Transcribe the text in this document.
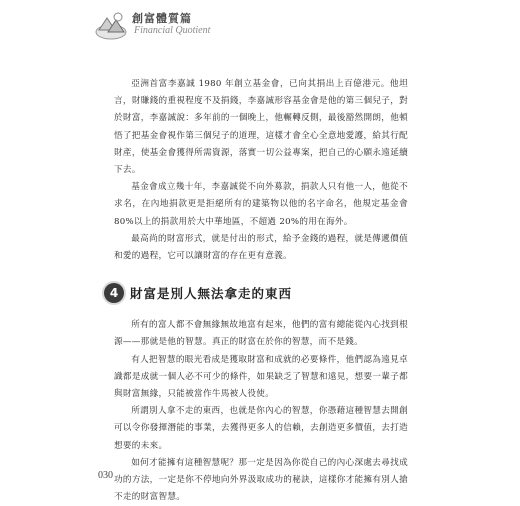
創富體質篇
Financial Quotient

亞洲首富李嘉誠 1980 年創立基金會，已向其捐出上百億港元。他坦言，財賺錢的重視程度不及捐錢，李嘉誠形容基金會是他的第三個兒子，對於財富，李嘉誠說：多年前的一個晚上，他輾轉反側，最後豁然開朗，他頓悟了把基金會視作第三個兒子的道理，這樣才會全心全意地愛護，給其行配財產，使基金會獲得所需資源，落實一切公益專案，把自己的心願永遠延續下去。

基金會成立幾十年，李嘉誠從不向外募款，捐款人只有他一人，他從不求名，在內地捐款更是拒絕所有的建築物以他的名字命名，他規定基金會 80%以上的捐款用於大中華地區，不超過 20%的用在海外。

最高尚的財富形式，就是付出的形式，給予金錢的過程，就是傳遞價值和愛的過程，它可以讓財富的存在更有意義。

4 財富是別人無法拿走的東西

所有的富人都不會無緣無故地富有起來，他們的富有總能從內心找到根源——那就是他的智慧。真正的財富在於你的智慧，而不是錢。

有人把智慧的眼光看成是獲取財富和成就的必要條件，他們認為遠見卓識都是成就一個人必不可少的條件，如果缺乏了智慧和遠見，想要一輩子都與財富無緣，只能被當作牛馬被人役使。

所謂別人拿不走的東西，也就是你內心的智慧，你憑藉這種智慧去開創可以令你發揮潛能的事業，去獲得更多人的信賴，去創造更多價值，去打造想要的未來。

如何才能擁有這種智慧呢？那一定是因為你從自己的內心深處去尋找成功的方法，一定是你不停地向外界汲取成功的秘訣，這樣你才能擁有別人搶不走的財富智慧。

030
